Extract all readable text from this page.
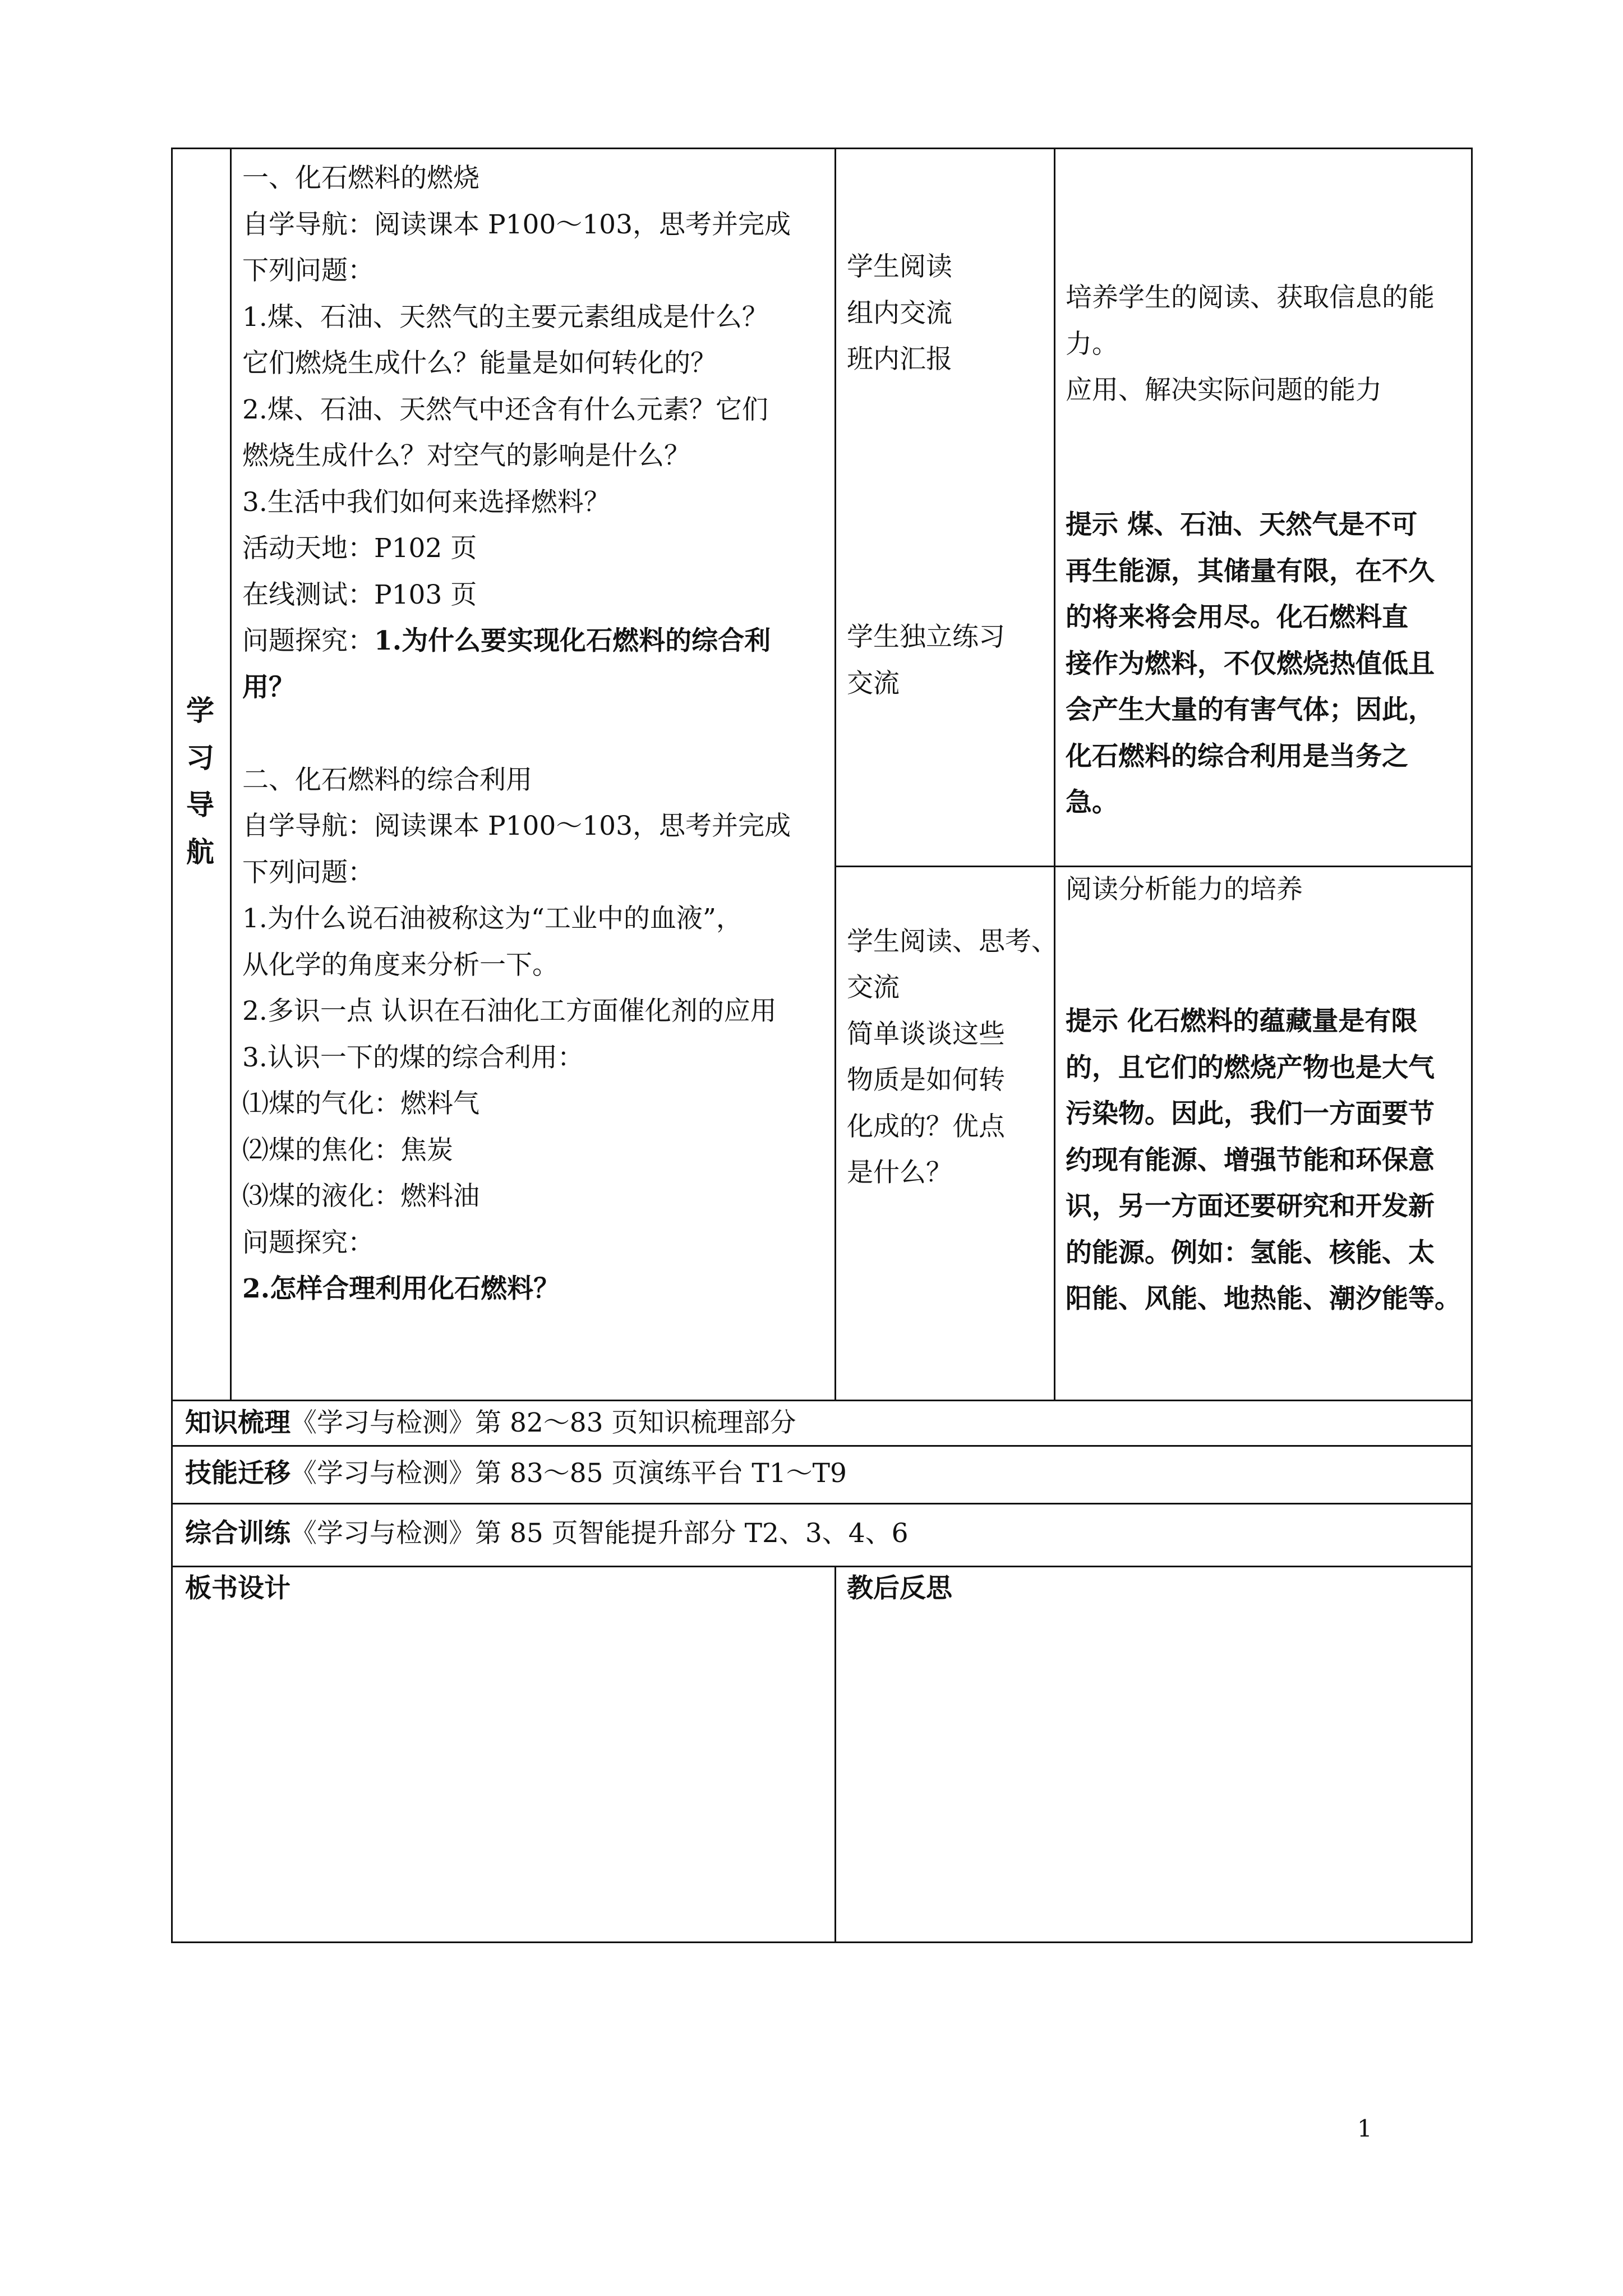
学
习
导
航
一、化石燃料的燃烧
自学导航：阅读课本 P100～103，思考并完成
下列问题：
1.煤、石油、天然气的主要元素组成是什么？
它们燃烧生成什么？能量是如何转化的？
2.煤、石油、天然气中还含有什么元素？它们
燃烧生成什么？对空气的影响是什么？
3.生活中我们如何来选择燃料？
活动天地：P102 页
在线测试：P103 页
问题探究：1.为什么要实现化石燃料的综合利
用？
二、化石燃料的综合利用
自学导航：阅读课本 P100～103，思考并完成
下列问题：
1.为什么说石油被称这为“工业中的血液”，
从化学的角度来分析一下。
2.多识一点 认识在石油化工方面催化剂的应用
3.认识一下的煤的综合利用：
⑴煤的气化：燃料气
⑵煤的焦化：焦炭
⑶煤的液化：燃料油
问题探究：
2.怎样合理利用化石燃料？
学生阅读
组内交流
班内汇报
学生独立练习
交流
学生阅读、思考、
交流
简单谈谈这些
物质是如何转
化成的？优点
是什么？
培养学生的阅读、获取信息的能
力。
应用、解决实际问题的能力
提示 煤、石油、天然气是不可
再生能源，其储量有限，在不久
的将来将会用尽。化石燃料直
接作为燃料，不仅燃烧热值低且
会产生大量的有害气体；因此，
化石燃料的综合利用是当务之
急。
阅读分析能力的培养
提示 化石燃料的蕴藏量是有限
的，且它们的燃烧产物也是大气
污染物。因此，我们一方面要节
约现有能源、增强节能和环保意
识，另一方面还要研究和开发新
的能源。例如：氢能、核能、太
阳能、风能、地热能、潮汐能等。
知识梳理《学习与检测》第 82～83 页知识梳理部分
技能迁移《学习与检测》第 83～85 页演练平台 T1～T9
综合训练《学习与检测》第 85 页智能提升部分 T2、3、4、6
板书设计	教后反思
1
